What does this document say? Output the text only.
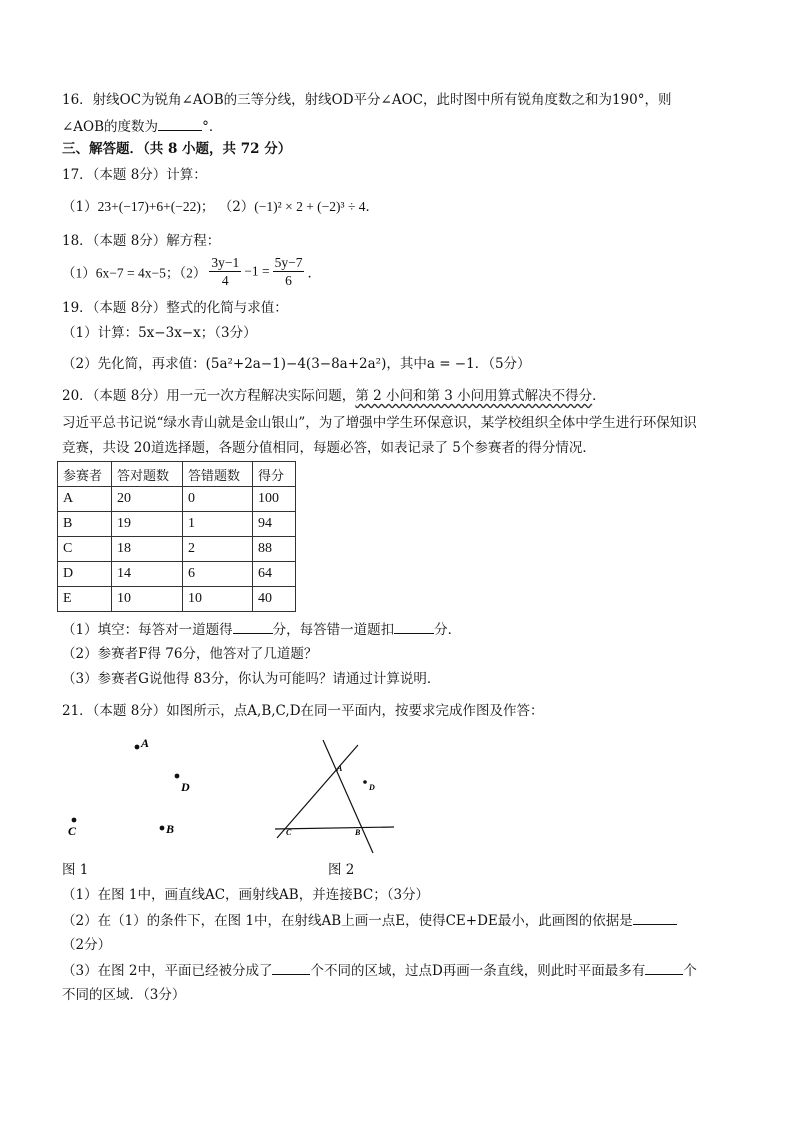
16．射线OC为锐角∠AOB的三等分线，射线OD平分∠AOC，此时图中所有锐角度数之和为190°，则
∠AOB的度数为	°．
三、解答题．（共 8 小题，共 72 分）
17．（本题 8分）计算：
（1）23+(−17)+6+(−22)； （2）(−1)² × 2 + (−2)³ ÷ 4．
18．（本题 8分）解方程：
（1）6x−7 = 4x−5；$(2) \frac{3y-1}{4} -1 = \frac{5y-7}{6}$ ．
19．（本题 8分）整式的化简与求值：
（1）计算：5x−3x−x；（3分）
（2）先化简，再求值：(5a²+2a−1)−4(3−8a+2a²)，其中a = −1．（5分）
20．（本题 8分）用一元一次方程解决实际问题，第 2 小问和第 3 小问用算式解决不得分．
习近平总书记说“绿水青山就是金山银山”，为了增强中学生环保意识，某学校组织全体中学生进行环保知识
竞赛，共设 20道选择题，各题分值相同，每题必答，如表记录了 5个参赛者的得分情况．
参赛者	答对题数	答错题数	得分
A	20	0	100
B	19	1	94
C	18	2	88
D	14	6	64
E	10	10	40
（1）填空：每答对一道题得	分，每答错一道题扣	分．
（2）参赛者F得 76分，他答对了几道题？
（3）参赛者G说他得 83分，你认为可能吗？请通过计算说明．
21．（本题 8分）如图所示，点A,B,C,D在同一平面内，按要求完成作图及作答：
A
D
C	B
A
D
C	B
图 1	图 2
（1）在图 1中，画直线AC，画射线AB，并连接BC；（3分）
（2）在（1）的条件下，在图 1中，在射线AB上画一点E，使得CE+DE最小，此画图的依据是
（2分）
（3）在图 2中，平面已经被分成了	个不同的区域，过点D再画一条直线，则此时平面最多有	个
不同的区域．（3分）
